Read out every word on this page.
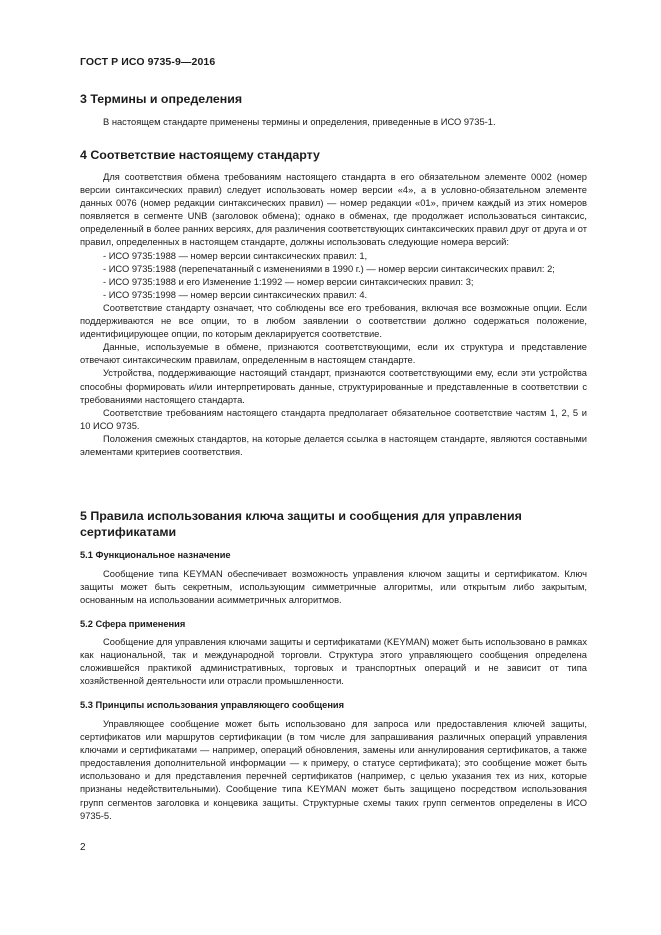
ГОСТ Р ИСО 9735-9—2016
3 Термины и определения

В настоящем стандарте применены термины и определения, приведенные в ИСО 9735-1.

4 Соответствие настоящему стандарту

Для соответствия обмена требованиям настоящего стандарта в его обязательном элементе 0002 (номер версии синтаксических правил) следует использовать номер версии «4», а в условно-обязательном элементе данных 0076 (номер редакции синтаксических правил) — номер редакции «01», причем каждый из этих номеров появляется в сегменте UNB (заголовок обмена); однако в обменах, где продолжает использоваться синтаксис, определенный в более ранних версиях, для различения соответствующих синтаксических правил друг от друга и от правил, определенных в настоящем стандарте, должны использовать следующие номера версий:

- ИСО 9735:1988 — номер версии синтаксических правил: 1,

- ИСО 9735:1988 (перепечатанный с изменениями в 1990 г.) — номер версии синтаксических правил: 2;

- ИСО 9735:1988 и его Изменение 1:1992 — номер версии синтаксических правил: 3;

- ИСО 9735:1998 — номер версии синтаксических правил: 4.

Соответствие стандарту означает, что соблюдены все его требования, включая все возможные опции. Если поддерживаются не все опции, то в любом заявлении о соответствии должно содержаться положение, идентифицирующее опции, по которым декларируется соответствие.

Данные, используемые в обмене, признаются соответствующими, если их структура и представление отвечают синтаксическим правилам, определенным в настоящем стандарте.

Устройства, поддерживающие настоящий стандарт, признаются соответствующими ему, если эти устройства способны формировать и/или интерпретировать данные, структурированные и представленные в соответствии с требованиями настоящего стандарта.

Соответствие требованиям настоящего стандарта предполагает обязательное соответствие частям 1, 2, 5 и 10 ИСО 9735.

Положения смежных стандартов, на которые делается ссылка в настоящем стандарте, являются составными элементами критериев соответствия.

5 Правила использования ключа защиты и сообщения для управления сертификатами
5.1 Функциональное назначение

Сообщение типа KEYMAN обеспечивает возможность управления ключом защиты и сертификатом. Ключ защиты может быть секретным, использующим симметричные алгоритмы, или открытым либо закрытым, основанным на использовании асимметричных алгоритмов.

5.2 Сфера применения

Сообщение для управления ключами защиты и сертификатами (KEYMAN) может быть использовано в рамках как национальной, так и международной торговли. Структура этого управляющего сообщения определена сложившейся практикой административных, торговых и транспортных операций и не зависит от типа хозяйственной деятельности или отрасли промышленности.

5.3 Принципы использования управляющего сообщения

Управляющее сообщение может быть использовано для запроса или предоставления ключей защиты, сертификатов или маршрутов сертификации (в том числе для запрашивания различных операций управления ключами и сертификатами — например, операций обновления, замены или аннулирования сертификатов, а также предоставления дополнительной информации — к примеру, о статусе сертификата); это сообщение может быть использовано и для представления перечней сертификатов (например, с целью указания тех из них, которые признаны недействительными). Сообщение типа KEYMAN может быть защищено посредством использования групп сегментов заголовка и концевика защиты. Структурные схемы таких групп сегментов определены в ИСО 9735-5.

2
